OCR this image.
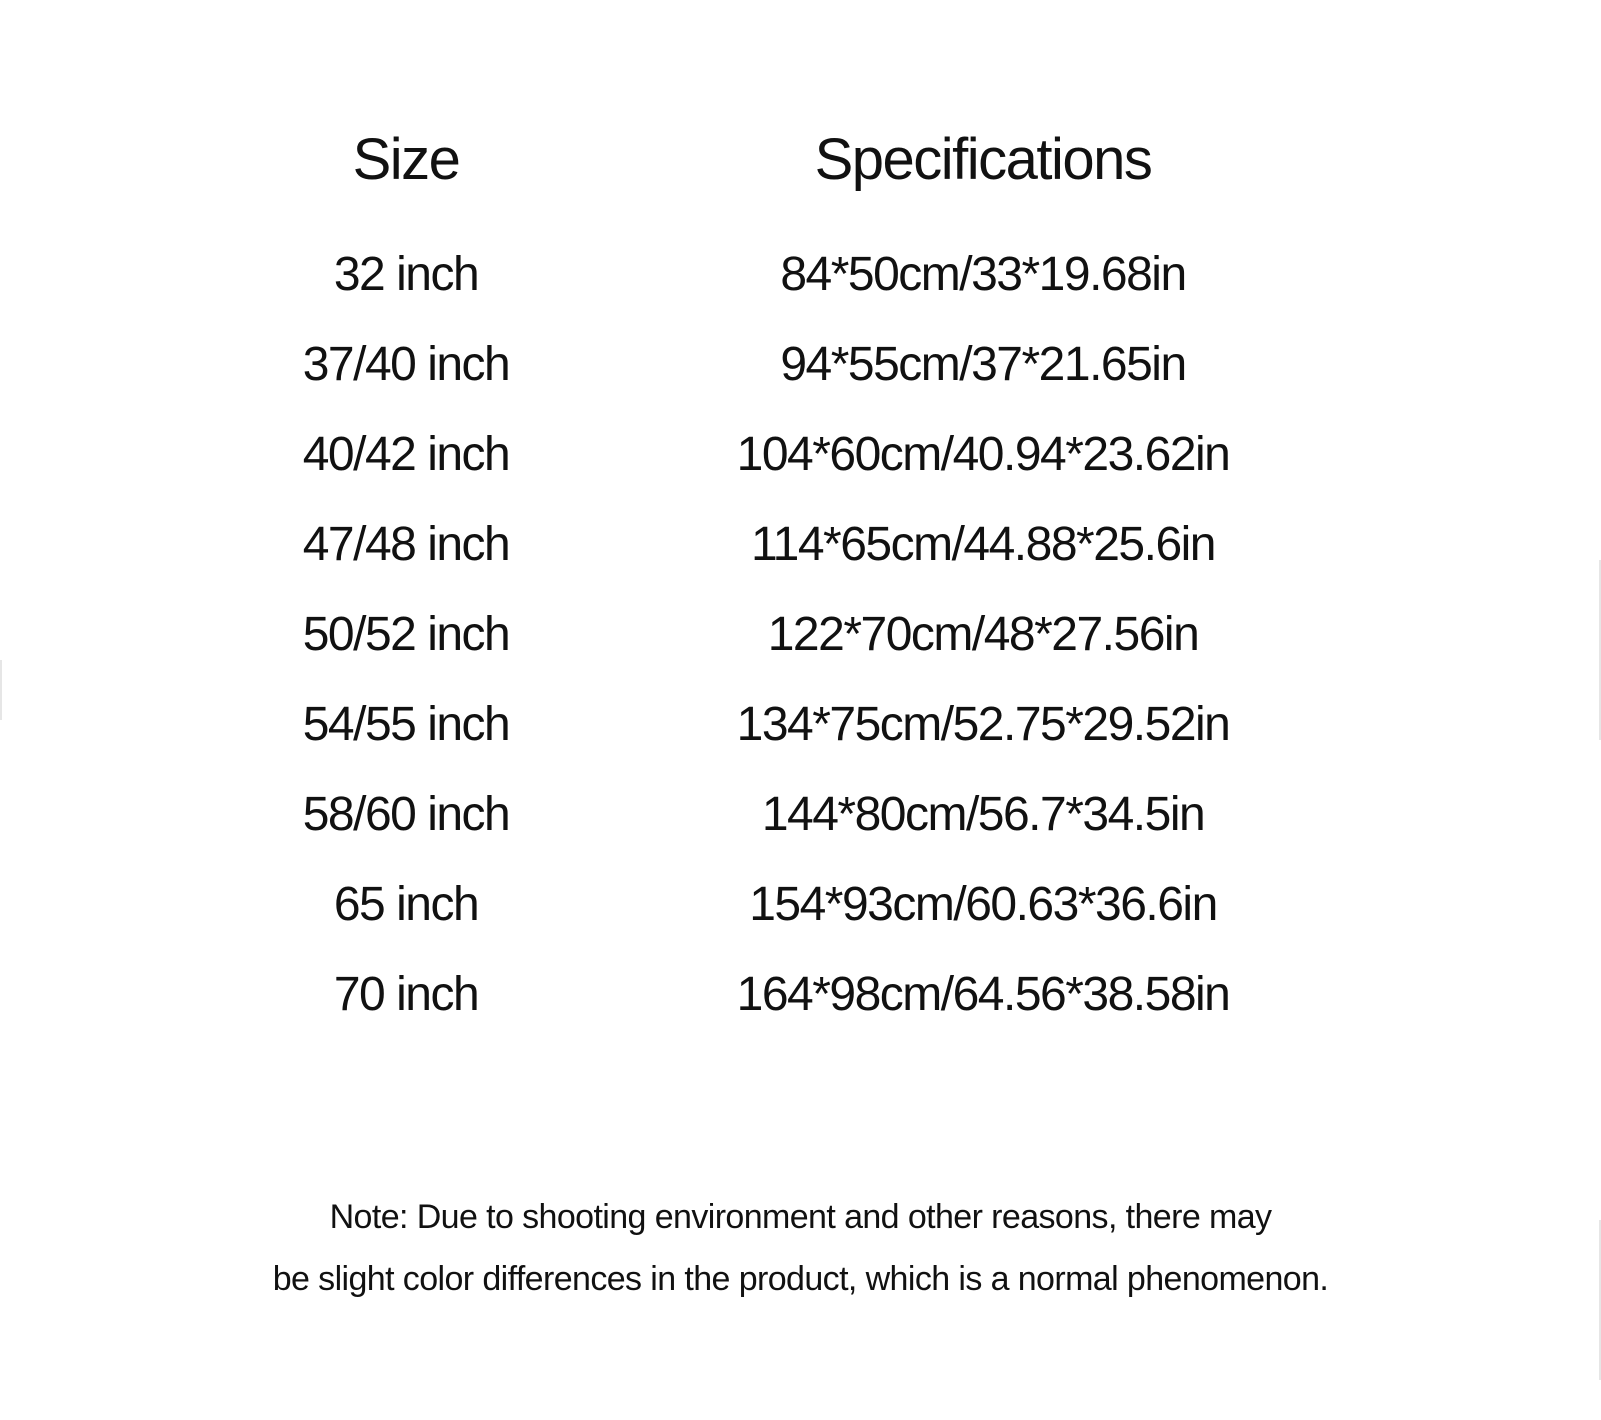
Size	Specifications
32 inch	84*50cm/33*19.68in
37/40 inch	94*55cm/37*21.65in
40/42 inch	104*60cm/40.94*23.62in
47/48 inch	114*65cm/44.88*25.6in
50/52 inch	122*70cm/48*27.56in
54/55 inch	134*75cm/52.75*29.52in
58/60 inch	144*80cm/56.7*34.5in
65 inch	154*93cm/60.63*36.6in
70 inch	164*98cm/64.56*38.58in
Note: Due to shooting environment and other reasons, there may
be slight color differences in the product, which is a normal phenomenon.
